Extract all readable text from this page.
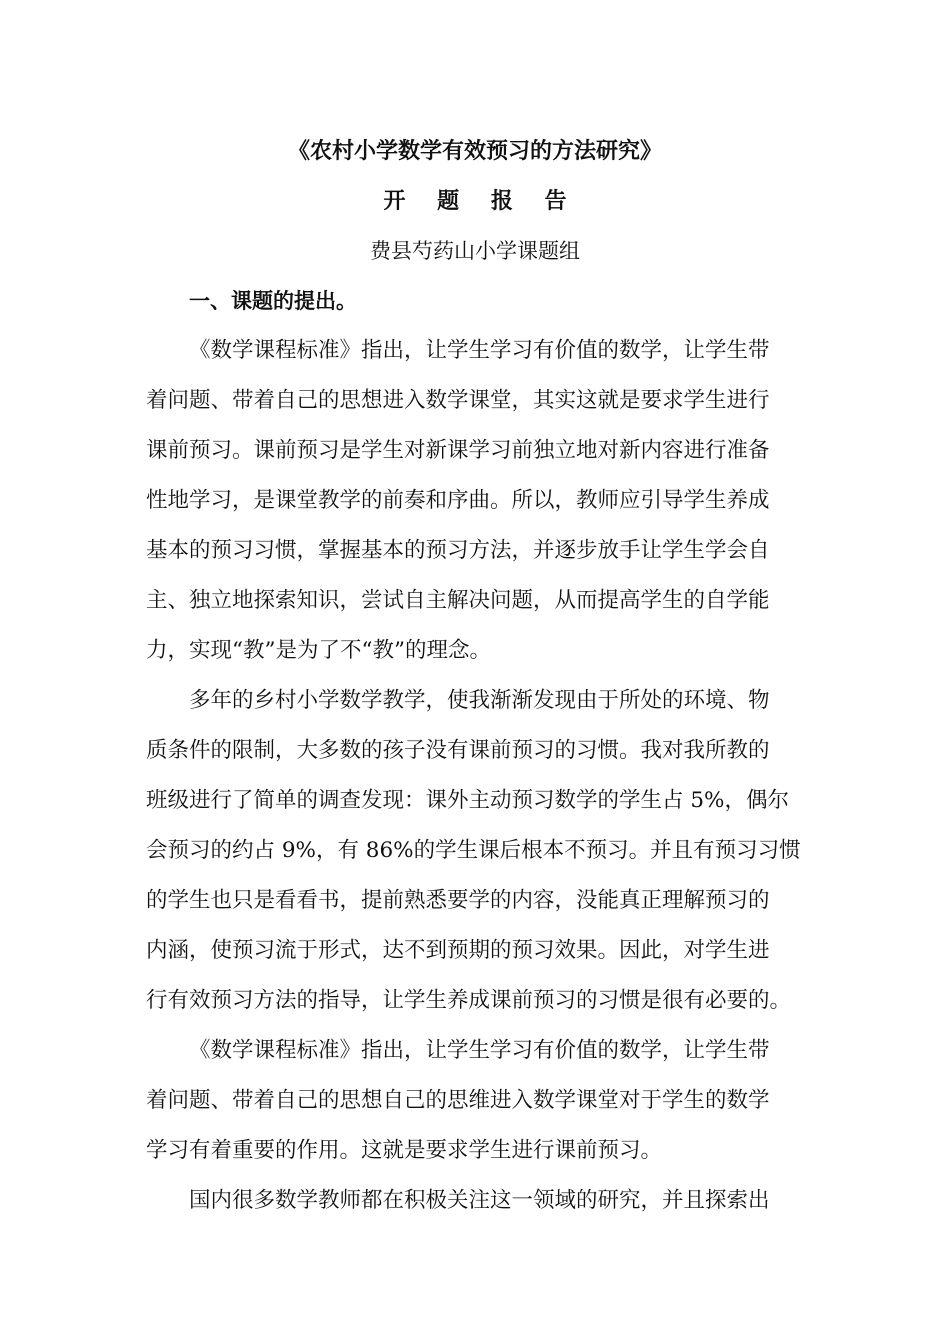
《农村小学数学有效预习的方法研究》
开 题 报 告
费县芍药山小学课题组
一、课题的提出。
《数学课程标准》指出，让学生学习有价值的数学，让学生带
着问题、带着自己的思想进入数学课堂，其实这就是要求学生进行
课前预习。课前预习是学生对新课学习前独立地对新内容进行准备
性地学习，是课堂教学的前奏和序曲。所以，教师应引导学生养成
基本的预习习惯，掌握基本的预习方法，并逐步放手让学生学会自
主、独立地探索知识，尝试自主解决问题，从而提高学生的自学能
力，实现“教”是为了不“教”的理念。
多年的乡村小学数学教学，使我渐渐发现由于所处的环境、物
质条件的限制，大多数的孩子没有课前预习的习惯。我对我所教的
班级进行了简单的调查发现：课外主动预习数学的学生占 5%，偶尔
会预习的约占 9%，有 86%的学生课后根本不预习。并且有预习习惯
的学生也只是看看书，提前熟悉要学的内容，没能真正理解预习的
内涵，使预习流于形式，达不到预期的预习效果。因此，对学生进
行有效预习方法的指导，让学生养成课前预习的习惯是很有必要的。
《数学课程标准》指出，让学生学习有价值的数学，让学生带
着问题、带着自己的思想自己的思维进入数学课堂对于学生的数学
学习有着重要的作用。这就是要求学生进行课前预习。
国内很多数学教师都在积极关注这一领域的研究，并且探索出
